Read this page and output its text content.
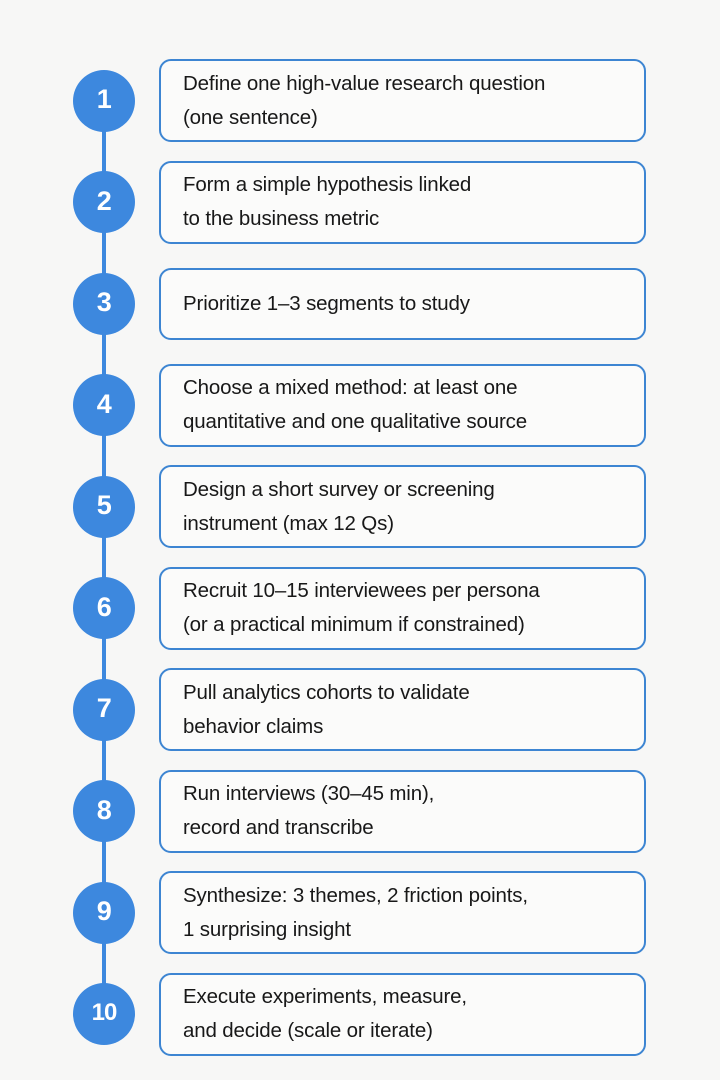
1
Define one high-value research question
(one sentence)
2
Form a simple hypothesis linked
to the business metric
3	Prioritize 1–3 segments to study
4
Choose a mixed method: at least one
quantitative and one qualitative source
5
Design a short survey or screening
instrument (max 12 Qs)
6
Recruit 10–15 interviewees per persona
(or a practical minimum if constrained)
7
Pull analytics cohorts to validate
behavior claims
8
Run interviews (30–45 min),
record and transcribe
9
Synthesize: 3 themes, 2 friction points,
1 surprising insight
10
Execute experiments, measure,
and decide (scale or iterate)
